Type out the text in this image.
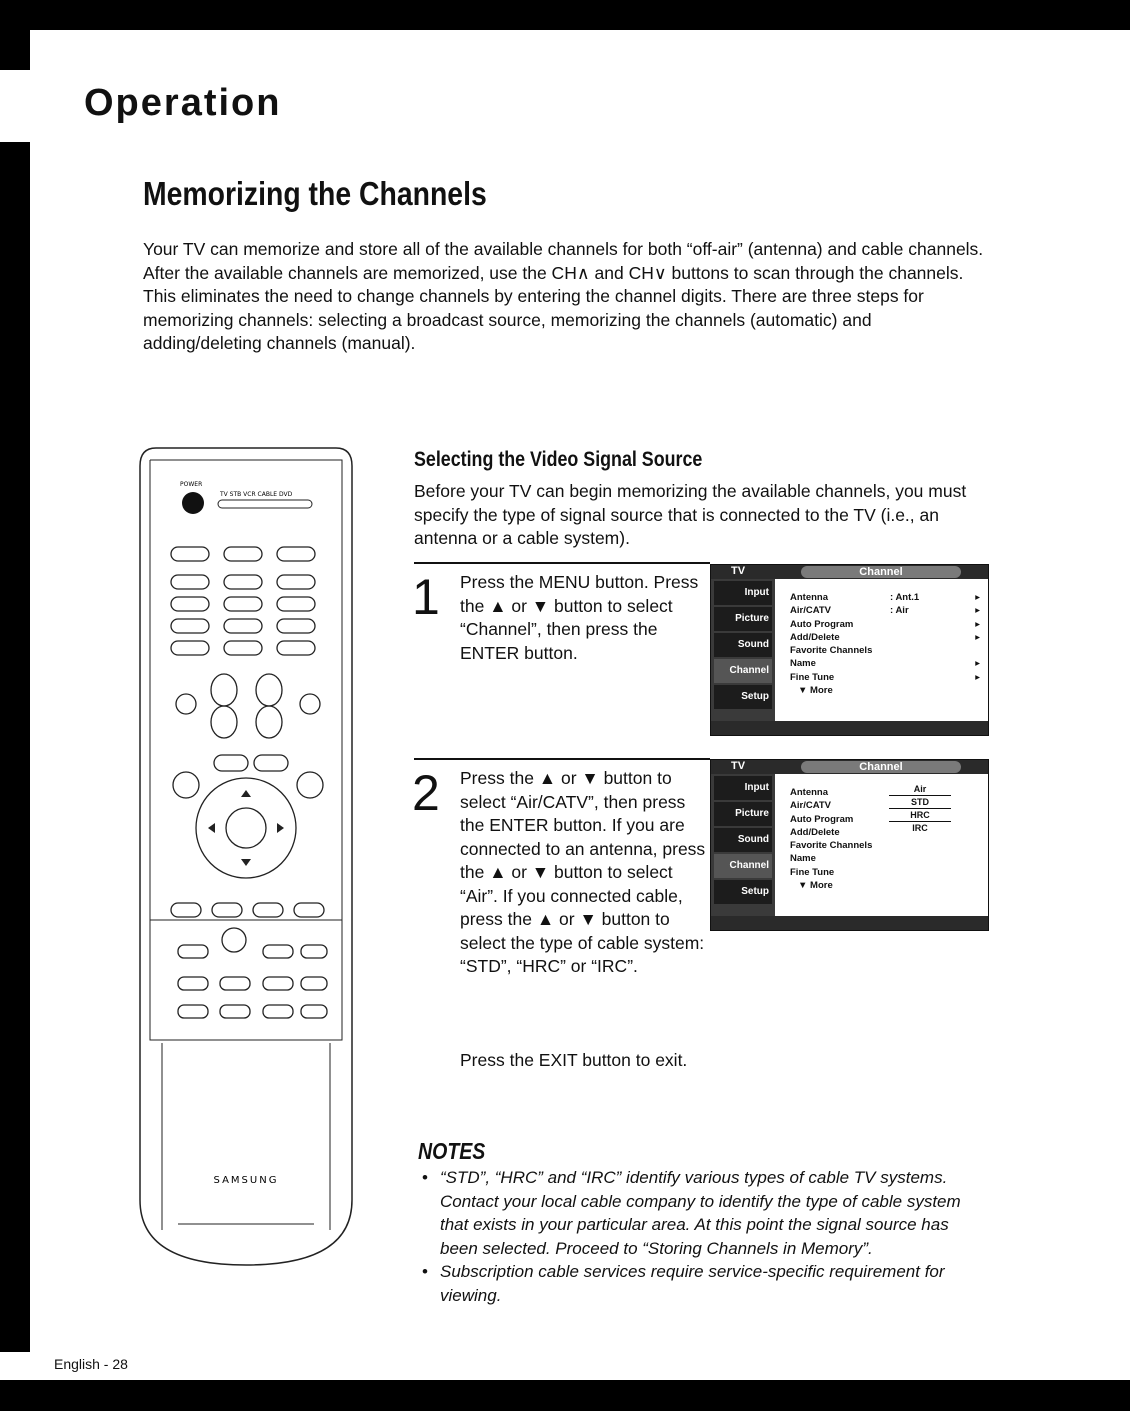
Operation
Memorizing the Channels

Your TV can memorize and store all of the available channels for both “off-air” (antenna) and cable channels. After the available channels are memorized, use the CH∧ and CH∨ buttons to scan through the channels. This eliminates the need to change channels by entering the channel digits. There are three steps for memorizing channels: selecting a broadcast source, memorizing the channels (automatic) and adding/deleting channels (manual).

POWER
TV STB VCR CABLE DVD
SAMSUNG
Selecting the Video Signal Source

Before your TV can begin memorizing the available channels, you must specify the type of signal source that is connected to the TV (i.e., an antenna or a cable system).

1 Press the MENU button. Press the ▲ or ▼ button to select “Channel”, then press the ENTER button.

TV	Channel
Input
Picture
Sound
Channel
Setup
Antenna	: Ant.1	▸
Air/CATV	: Air	▸
Auto Program	▸
Add/Delete	▸
Favorite Channels
Name	▸
Fine Tune	▸
▼ More
2 Press the ▲ or ▼ button to select “Air/CATV”, then press the ENTER button. If you are connected to an antenna, press the ▲ or ▼ button to select “Air”. If you connected cable, press the ▲ or ▼ button to select the type of cable system: “STD”, “HRC” or “IRC”.

TV	Channel
Input
Picture
Sound
Channel
Setup
Antenna
Air/CATV
Auto Program
Add/Delete
Favorite Channels
Name
Fine Tune
▼ More
Air
STD
HRC
IRC

Press the EXIT button to exit.

NOTES
• “STD”, “HRC” and “IRC” identify various types of cable TV systems. Contact your local cable company to identify the type of cable system that exists in your particular area. At this point the signal source has been selected. Proceed to “Storing Channels in Memory”.
• Subscription cable services require service-specific requirement for viewing.

English - 28
